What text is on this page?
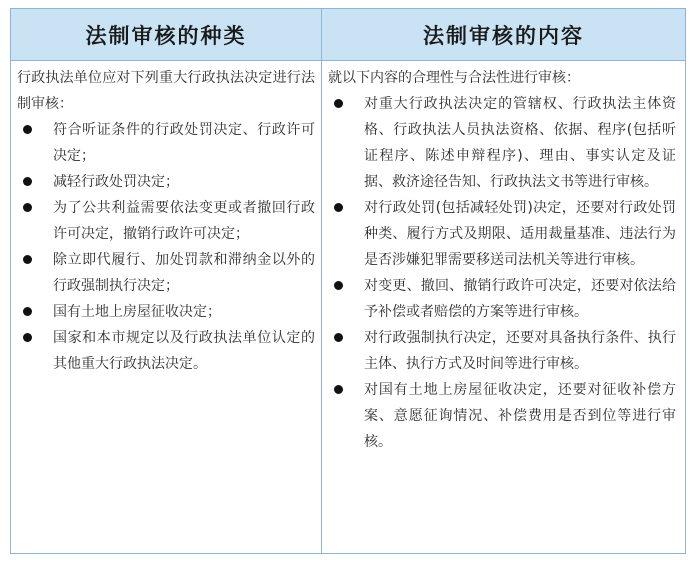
法制审核的种类	法制审核的内容

行政执法单位应对下列重大行政执法决定进行法制审核：

符合听证条件的行政处罚决定、行政许可决定；
减轻行政处罚决定；
为了公共利益需要依法变更或者撤回行政许可决定，撤销行政许可决定；
除立即代履行、加处罚款和滞纳金以外的行政强制执行决定；
国有土地上房屋征收决定；
国家和本市规定以及行政执法单位认定的其他重大行政执法决定。

就以下内容的合理性与合法性进行审核：

对重大行政执法决定的管辖权、行政执法主体资格、行政执法人员执法资格、依据、程序(包括听证程序、陈述申辩程序)、理由、事实认定及证据、救济途径告知、行政执法文书等进行审核。
对行政处罚(包括减轻处罚)决定，还要对行政处罚种类、履行方式及期限、适用裁量基准、违法行为是否涉嫌犯罪需要移送司法机关等进行审核。
对变更、撤回、撤销行政许可决定，还要对依法给予补偿或者赔偿的方案等进行审核。
对行政强制执行决定，还要对具备执行条件、执行主体、执行方式及时间等进行审核。
对国有土地上房屋征收决定，还要对征收补偿方案、意愿征询情况、补偿费用是否到位等进行审核。
